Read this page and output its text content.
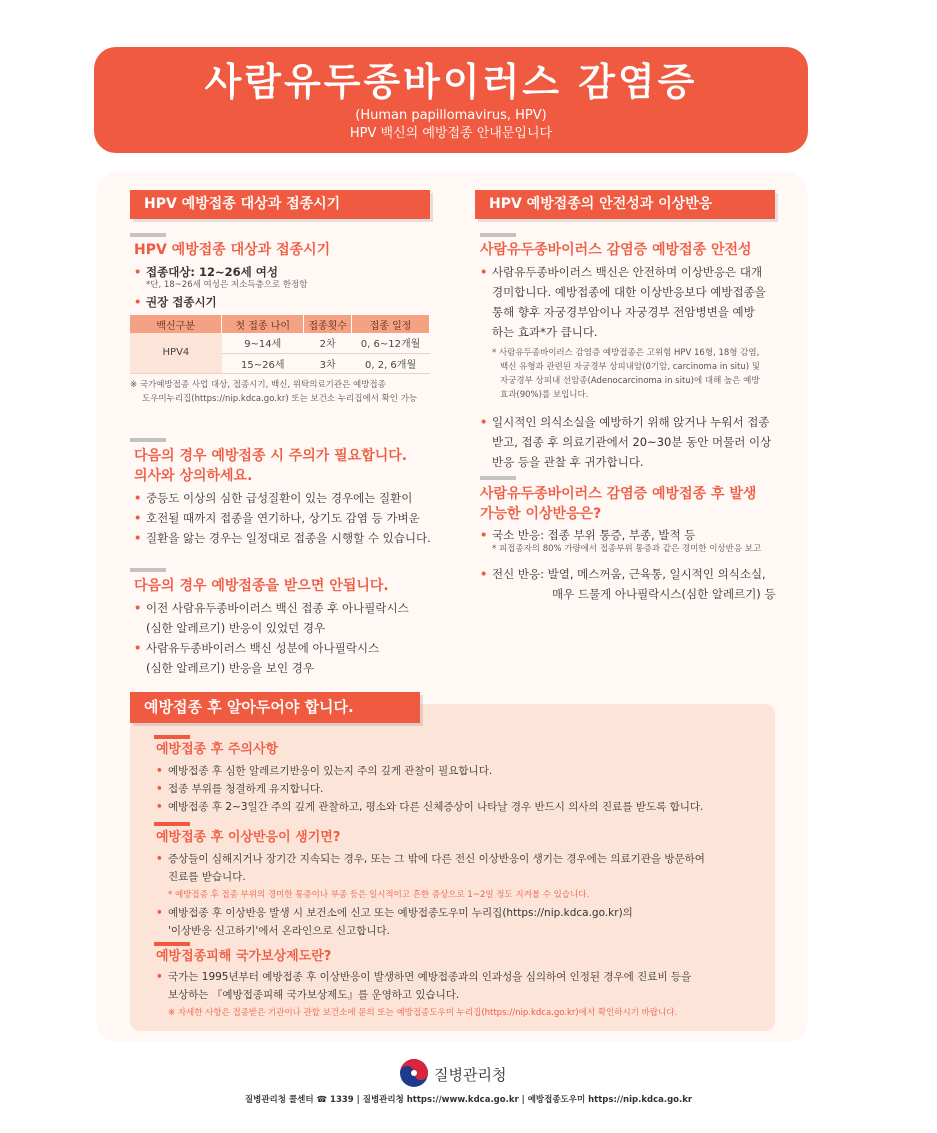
사람유두종바이러스 감염증
(Human papillomavirus, HPV)
HPV 백신의 예방접종 안내문입니다
HPV 예방접종 대상과 접종시기
HPV 예방접종 대상과 접종시기
• 접종대상: 12~26세 여성
*단, 18~26세 여성은 저소득층으로 한정함
• 권장 접종시기
백신구분	첫 접종 나이	접종횟수	접종 일정
HPV4	9~14세	2차	0, 6~12개월
	15~26세	3차	0, 2, 6개월
※ 국가예방접종 사업 대상, 접종시기, 백신, 위탁의료기관은 예방접종
도우미누리집(https://nip.kdca.go.kr) 또는 보건소 누리집에서 확인 가능
다음의 경우 예방접종 시 주의가 필요합니다.
의사와 상의하세요.
• 중등도 이상의 심한 급성질환이 있는 경우에는 질환이
• 호전될 때까지 접종을 연기하나, 상기도 감염 등 가벼운
• 질환을 앓는 경우는 일정대로 접종을 시행할 수 있습니다.
다음의 경우 예방접종을 받으면 안됩니다.
• 이전 사람유두종바이러스 백신 접종 후 아나필락시스
(심한 알레르기) 반응이 있었던 경우
• 사람유두종바이러스 백신 성분에 아나필락시스
(심한 알레르기) 반응을 보인 경우
HPV 예방접종의 안전성과 이상반응
사람유두종바이러스 감염증 예방접종 안전성
• 사람유두종바이러스 백신은 안전하며 이상반응은 대개
경미합니다. 예방접종에 대한 이상반응보다 예방접종을
통해 향후 자궁경부암이나 자궁경부 전암병변을 예방
하는 효과*가 큽니다.
* 사람유두종바이러스 감염증 예방접종은 고위험 HPV 16형, 18형 감염,
백신 유형과 관련된 자궁경부 상피내암(0기암, carcinoma in situ) 및
자궁경부 상피내 선암종(Adenocarcinoma in situ)에 대해 높은 예방
효과(90%)를 보입니다.
• 일시적인 의식소실을 예방하기 위해 앉거나 누워서 접종
받고, 접종 후 의료기관에서 20~30분 동안 머물러 이상
반응 등을 관찰 후 귀가합니다.
사람유두종바이러스 감염증 예방접종 후 발생
가능한 이상반응은?
• 국소 반응: 접종 부위 통증, 부종, 발적 등
* 피접종자의 80% 가량에서 접종부위 통증과 같은 경미한 이상반응 보고
• 전신 반응: 발열, 메스꺼움, 근육통, 일시적인 의식소실,
매우 드물게 아나필락시스(심한 알레르기) 등
예방접종 후 알아두어야 합니다.
예방접종 후 주의사항
• 예방접종 후 심한 알레르기반응이 있는지 주의 깊게 관찰이 필요합니다.
• 접종 부위를 청결하게 유지합니다.
• 예방접종 후 2~3일간 주의 깊게 관찰하고, 평소와 다른 신체증상이 나타날 경우 반드시 의사의 진료를 받도록 합니다.
예방접종 후 이상반응이 생기면?
• 증상들이 심해지거나 장기간 지속되는 경우, 또는 그 밖에 다른 전신 이상반응이 생기는 경우에는 의료기관을 방문하여
진료를 받습니다.
* 예방접종 후 접종 부위의 경미한 통증이나 부종 등은 일시적이고 흔한 증상으로 1~2일 정도 지켜볼 수 있습니다.
• 예방접종 후 이상반응 발생 시 보건소에 신고 또는 예방접종도우미 누리집(https://nip.kdca.go.kr)의
'이상반응 신고하기'에서 온라인으로 신고합니다.
예방접종피해 국가보상제도란?
• 국가는 1995년부터 예방접종 후 이상반응이 발생하면 예방접종과의 인과성을 심의하여 인정된 경우에 진료비 등을
보상하는 『예방접종피해 국가보상제도』를 운영하고 있습니다.
※ 자세한 사항은 접종받은 기관이나 관할 보건소에 문의 또는 예방접종도우미 누리집(https://nip.kdca.go.kr)에서 확인하시기 바랍니다.
질병관리청
질병관리청 콜센터 ☎ 1339 | 질병관리청 https://www.kdca.go.kr | 예방접종도우미 https://nip.kdca.go.kr
